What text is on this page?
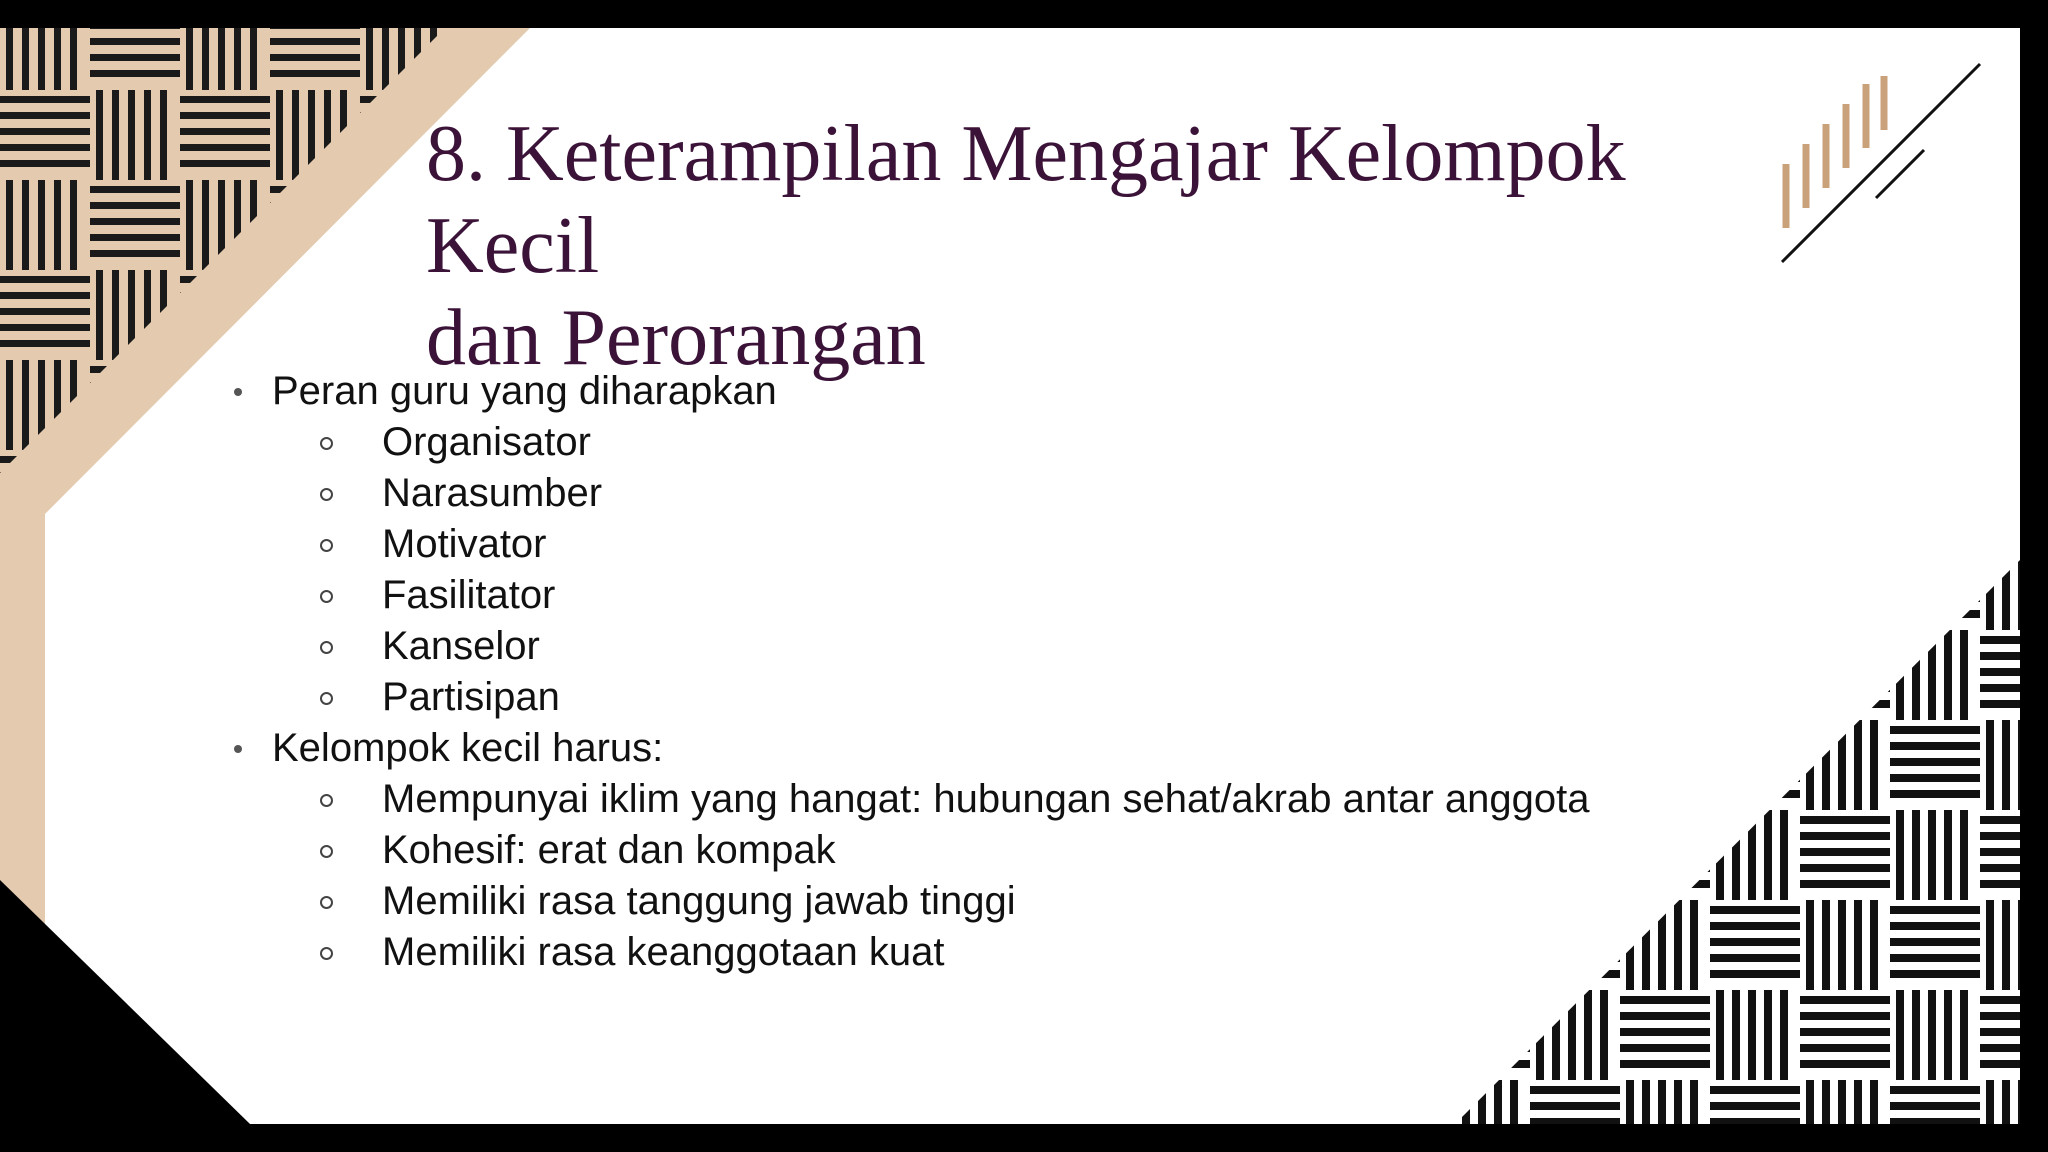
8. Keterampilan Mengajar Kelompok Kecil
dan Perorangan
Peran guru yang diharapkan
Organisator
Narasumber
Motivator
Fasilitator
Kanselor
Partisipan
Kelompok kecil harus:
Mempunyai iklim yang hangat: hubungan sehat/akrab antar anggota
Kohesif: erat dan kompak
Memiliki rasa tanggung jawab tinggi
Memiliki rasa keanggotaan kuat
